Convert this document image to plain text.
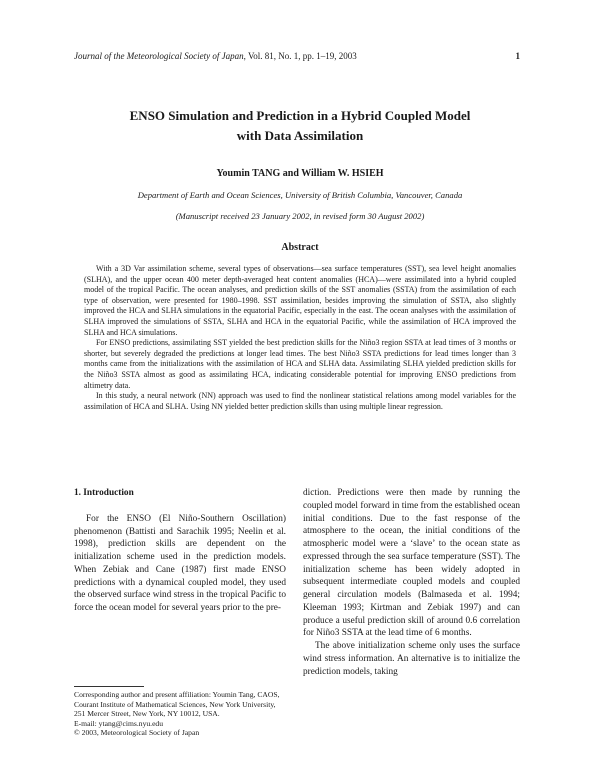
Journal of the Meteorological Society of Japan, Vol. 81, No. 1, pp. 1–19, 2003	1
ENSO Simulation and Prediction in a Hybrid Coupled Model
with Data Assimilation
Youmin TANG and William W. HSIEH
Department of Earth and Ocean Sciences, University of British Columbia, Vancouver, Canada
(Manuscript received 23 January 2002, in revised form 30 August 2002)
Abstract

With a 3D Var assimilation scheme, several types of observations—sea surface temperatures (SST), sea level height anomalies (SLHA), and the upper ocean 400 meter depth-averaged heat content anomalies (HCA)—were assimilated into a hybrid coupled model of the tropical Pacific. The ocean analyses, and prediction skills of the SST anomalies (SSTA) from the assimilation of each type of observation, were presented for 1980–1998. SST assimilation, besides improving the simulation of SSTA, also slightly improved the HCA and SLHA simulations in the equatorial Pacific, especially in the east. The ocean analyses with the assimilation of SLHA improved the simulations of SSTA, SLHA and HCA in the equatorial Pacific, while the assimilation of HCA improved the SLHA and HCA simulations.

For ENSO predictions, assimilating SST yielded the best prediction skills for the Niño3 region SSTA at lead times of 3 months or shorter, but severely degraded the predictions at longer lead times. The best Niño3 SSTA predictions for lead times longer than 3 months came from the initializations with the assimilation of HCA and SLHA data. Assimilating SLHA yielded prediction skills for the Niño3 SSTA almost as good as assimilating HCA, indicating considerable potential for improving ENSO predictions from altimetry data.

In this study, a neural network (NN) approach was used to find the nonlinear statistical relations among model variables for the assimilation of HCA and SLHA. Using NN yielded better prediction skills than using multiple linear regression.

1. Introduction

For the ENSO (El Niño-Southern Oscillation) phenomenon (Battisti and Sarachik 1995; Neelin et al. 1998), prediction skills are dependent on the initialization scheme used in the prediction models. When Zebiak and Cane (1987) first made ENSO predictions with a dynamical coupled model, they used the observed surface wind stress in the tropical Pacific to force the ocean model for several years prior to the pre-

diction. Predictions were then made by running the coupled model forward in time from the established ocean initial conditions. Due to the fast response of the atmosphere to the ocean, the initial conditions of the atmospheric model were a ‘slave’ to the ocean state as expressed through the sea surface temperature (SST). The initialization scheme has been widely adopted in subsequent intermediate coupled models and coupled general circulation models (Balmaseda et al. 1994; Kleeman 1993; Kirtman and Zebiak 1997) and can produce a useful prediction skill of around 0.6 correlation for Niño3 SSTA at the lead time of 6 months.

The above initialization scheme only uses the surface wind stress information. An alternative is to initialize the prediction models, taking

Corresponding author and present affiliation: Youmin Tang, CAOS, Courant Institute of Mathematical Sciences, New York University, 251 Mercer Street, New York, NY 10012, USA.

E-mail: ytang@cims.nyu.edu

© 2003, Meteorological Society of Japan
